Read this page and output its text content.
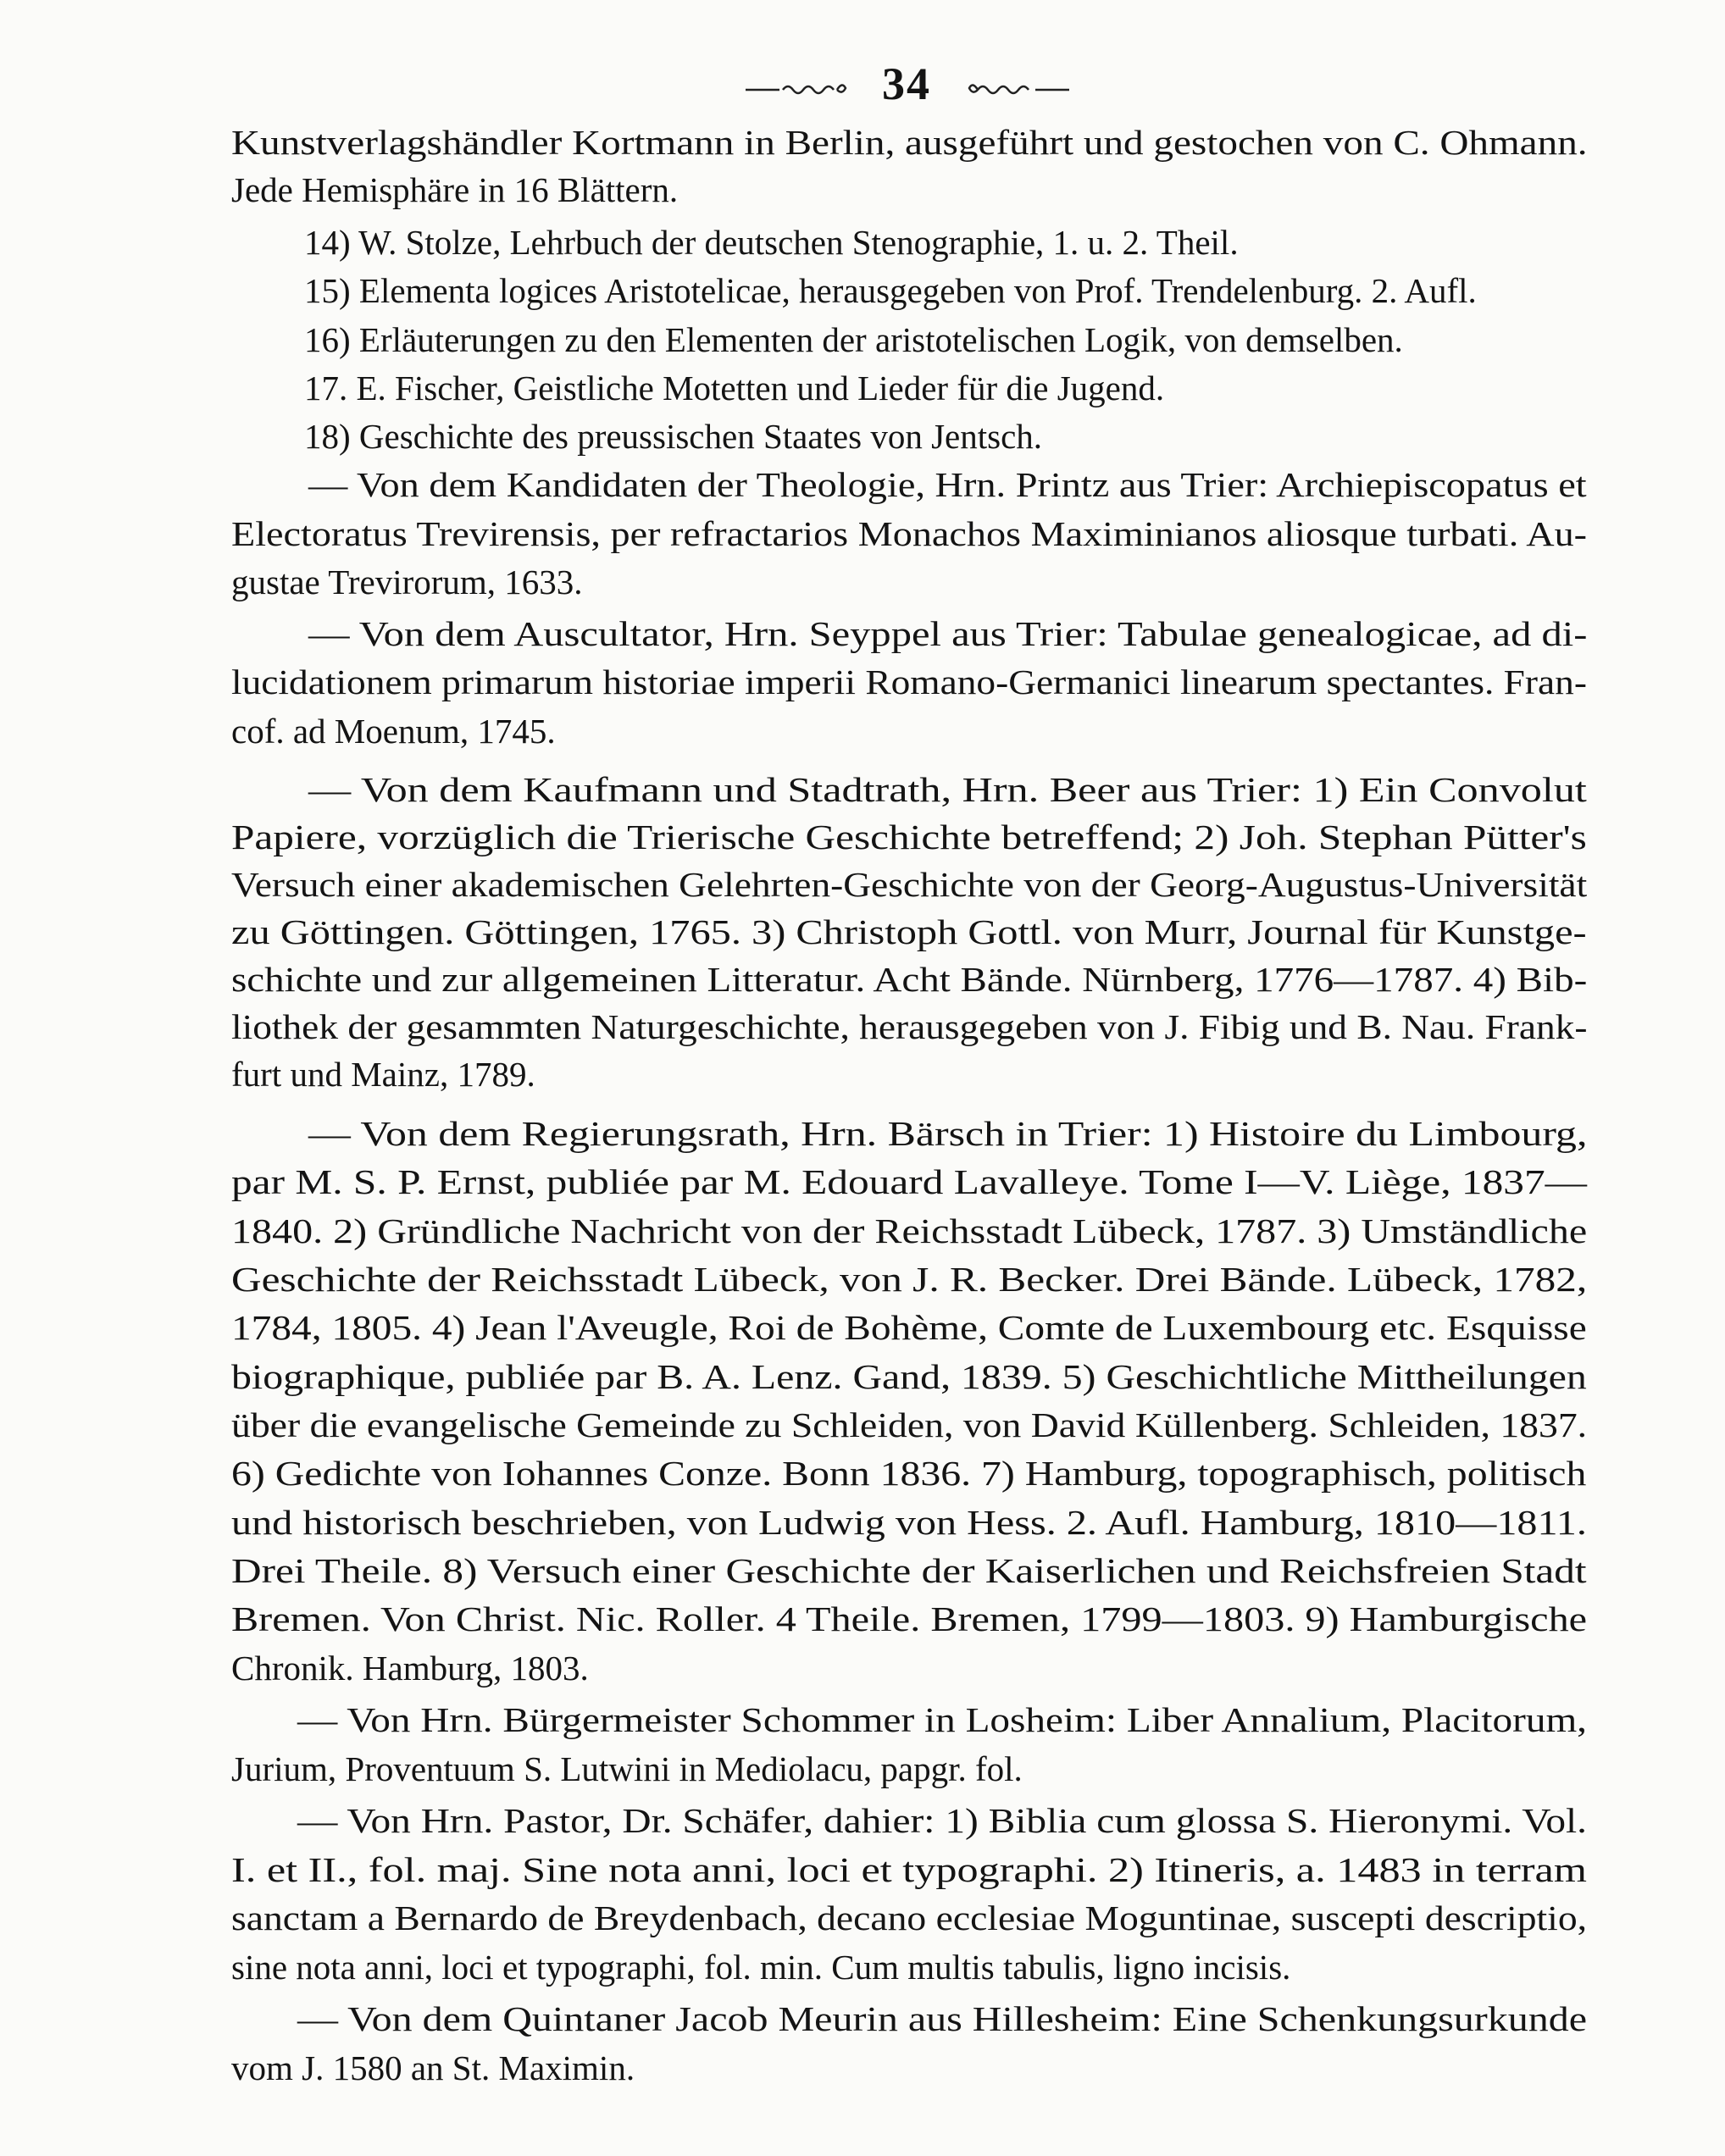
34
Kunstverlagshändler Kortmann in Berlin, ausgeführt und gestochen von C. Ohmann.
Jede Hemisphäre in 16 Blättern.
14) W. Stolze, Lehrbuch der deutschen Stenographie, 1. u. 2. Theil.
15) Elementa logices Aristotelicae, herausgegeben von Prof. Trendelenburg. 2. Aufl.
16) Erläuterungen zu den Elementen der aristotelischen Logik, von demselben.
17. E. Fischer, Geistliche Motetten und Lieder für die Jugend.
18) Geschichte des preussischen Staates von Jentsch.
— Von dem Kandidaten der Theologie, Hrn. Printz aus Trier: Archiepiscopatus et
Electoratus Trevirensis, per refractarios Monachos Maximinianos aliosque turbati. Au-
gustae Trevirorum, 1633.
— Von dem Auscultator, Hrn. Seyppel aus Trier: Tabulae genealogicae, ad di-
lucidationem primarum historiae imperii Romano-Germanici linearum spectantes. Fran-
cof. ad Moenum, 1745.
— Von dem Kaufmann und Stadtrath, Hrn. Beer aus Trier: 1) Ein Convolut
Papiere, vorzüglich die Trierische Geschichte betreffend; 2) Joh. Stephan Pütter's
Versuch einer akademischen Gelehrten-Geschichte von der Georg-Augustus-Universität
zu Göttingen. Göttingen, 1765. 3) Christoph Gottl. von Murr, Journal für Kunstge-
schichte und zur allgemeinen Litteratur. Acht Bände. Nürnberg, 1776—1787. 4) Bib-
liothek der gesammten Naturgeschichte, herausgegeben von J. Fibig und B. Nau. Frank-
furt und Mainz, 1789.
— Von dem Regierungsrath, Hrn. Bärsch in Trier: 1) Histoire du Limbourg,
par M. S. P. Ernst, publiée par M. Edouard Lavalleye. Tome I—V. Liège, 1837—
1840. 2) Gründliche Nachricht von der Reichsstadt Lübeck, 1787. 3) Umständliche
Geschichte der Reichsstadt Lübeck, von J. R. Becker. Drei Bände. Lübeck, 1782,
1784, 1805. 4) Jean l'Aveugle, Roi de Bohème, Comte de Luxembourg etc. Esquisse
biographique, publiée par B. A. Lenz. Gand, 1839. 5) Geschichtliche Mittheilungen
über die evangelische Gemeinde zu Schleiden, von David Küllenberg. Schleiden, 1837.
6) Gedichte von Iohannes Conze. Bonn 1836. 7) Hamburg, topographisch, politisch
und historisch beschrieben, von Ludwig von Hess. 2. Aufl. Hamburg, 1810—1811.
Drei Theile. 8) Versuch einer Geschichte der Kaiserlichen und Reichsfreien Stadt
Bremen. Von Christ. Nic. Roller. 4 Theile. Bremen, 1799—1803. 9) Hamburgische
Chronik. Hamburg, 1803.
— Von Hrn. Bürgermeister Schommer in Losheim: Liber Annalium, Placitorum,
Jurium, Proventuum S. Lutwini in Mediolacu, papgr. fol.
— Von Hrn. Pastor, Dr. Schäfer, dahier: 1) Biblia cum glossa S. Hieronymi. Vol.
I. et II., fol. maj. Sine nota anni, loci et typographi. 2) Itineris, a. 1483 in terram
sanctam a Bernardo de Breydenbach, decano ecclesiae Moguntinae, suscepti descriptio,
sine nota anni, loci et typographi, fol. min. Cum multis tabulis, ligno incisis.
— Von dem Quintaner Jacob Meurin aus Hillesheim: Eine Schenkungsurkunde
vom J. 1580 an St. Maximin.
